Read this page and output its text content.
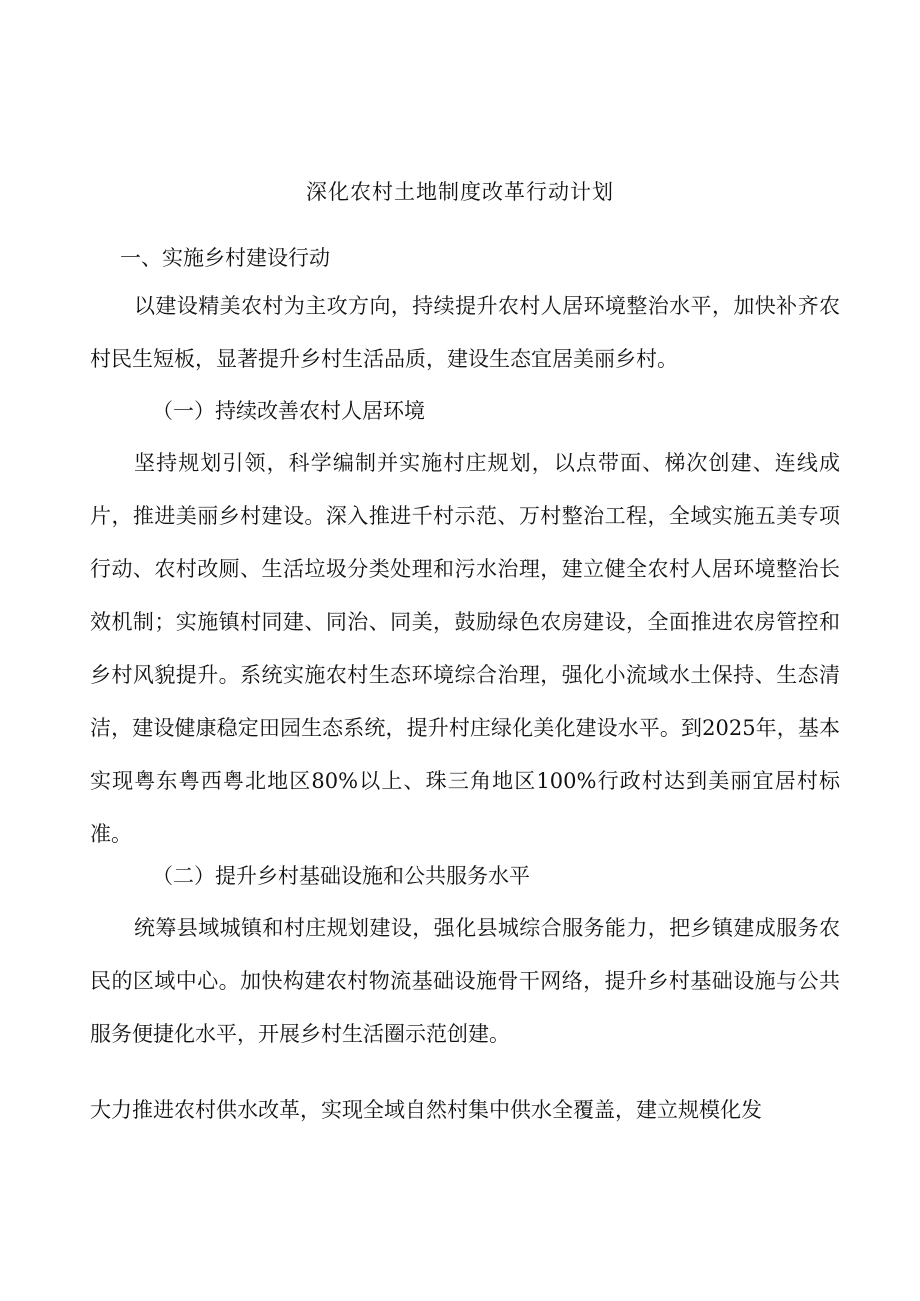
深化农村土地制度改革行动计划
一、实施乡村建设行动
以建设精美农村为主攻方向，持续提升农村人居环境整治水平，加快补齐农村民生短板，显著提升乡村生活品质，建设生态宜居美丽乡村。
（一）持续改善农村人居环境
坚持规划引领，科学编制并实施村庄规划，以点带面、梯次创建、连线成片，推进美丽乡村建设。深入推进千村示范、万村整治工程，全域实施五美专项行动、农村改厕、生活垃圾分类处理和污水治理，建立健全农村人居环境整治长效机制；实施镇村同建、同治、同美，鼓励绿色农房建设，全面推进农房管控和乡村风貌提升。系统实施农村生态环境综合治理，强化小流域水土保持、生态清洁，建设健康稳定田园生态系统，提升村庄绿化美化建设水平。到2025年，基本实现粤东粤西粤北地区80%以上、珠三角地区100%行政村达到美丽宜居村标准。
（二）提升乡村基础设施和公共服务水平
统筹县域城镇和村庄规划建设，强化县城综合服务能力，把乡镇建成服务农民的区域中心。加快构建农村物流基础设施骨干网络，提升乡村基础设施与公共服务便捷化水平，开展乡村生活圈示范创建。
大力推进农村供水改革，实现全域自然村集中供水全覆盖，建立规模化发
